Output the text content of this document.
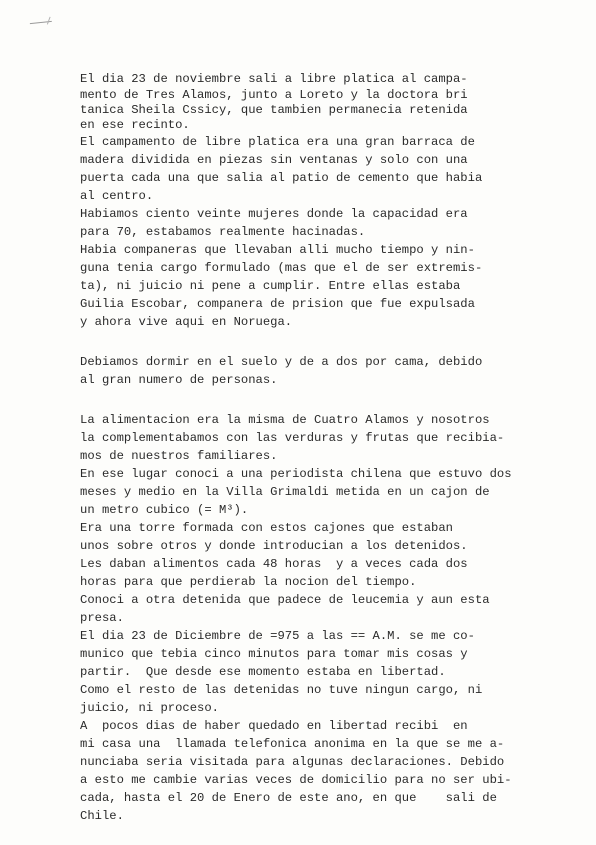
El dia 23 de noviembre sali a libre platica al campa-
mento de Tres Alamos, junto a Loreto y la doctora bri
tanica Sheila Cssicy, que tambien permanecia retenida
en ese recinto.
El campamento de libre platica era una gran barraca de
madera dividida en piezas sin ventanas y solo con una
puerta cada una que salia al patio de cemento que habia
al centro.
Habiamos ciento veinte mujeres donde la capacidad era
para 70, estabamos realmente hacinadas.
Habia companeras que llevaban alli mucho tiempo y nin-
guna tenia cargo formulado (mas que el de ser extremis-
ta), ni juicio ni pene a cumplir. Entre ellas estaba
Guilia Escobar, companera de prision que fue expulsada
y ahora vive aqui en Noruega.
Debiamos dormir en el suelo y de a dos por cama, debido
al gran numero de personas.
La alimentacion era la misma de Cuatro Alamos y nosotros
la complementabamos con las verduras y frutas que recibia-
mos de nuestros familiares.
En ese lugar conoci a una periodista chilena que estuvo dos
meses y medio en la Villa Grimaldi metida en un cajon de
un metro cubico (= M³).
Era una torre formada con estos cajones que estaban
unos sobre otros y donde introducian a los detenidos.
Les daban alimentos cada 48 horas  y a veces cada dos
horas para que perdierab la nocion del tiempo.
Conoci a otra detenida que padece de leucemia y aun esta
presa.
El dia 23 de Diciembre de =975 a las == A.M. se me co-
munico que tebia cinco minutos para tomar mis cosas y
partir.  Que desde ese momento estaba en libertad.
Como el resto de las detenidas no tuve ningun cargo, ni
juicio, ni proceso.
A  pocos dias de haber quedado en libertad recibi  en
mi casa una  llamada telefonica anonima en la que se me a-
nunciaba seria visitada para algunas declaraciones. Debido
a esto me cambie varias veces de domicilio para no ser ubi-
cada, hasta el 20 de Enero de este ano, en que    sali de
Chile.
